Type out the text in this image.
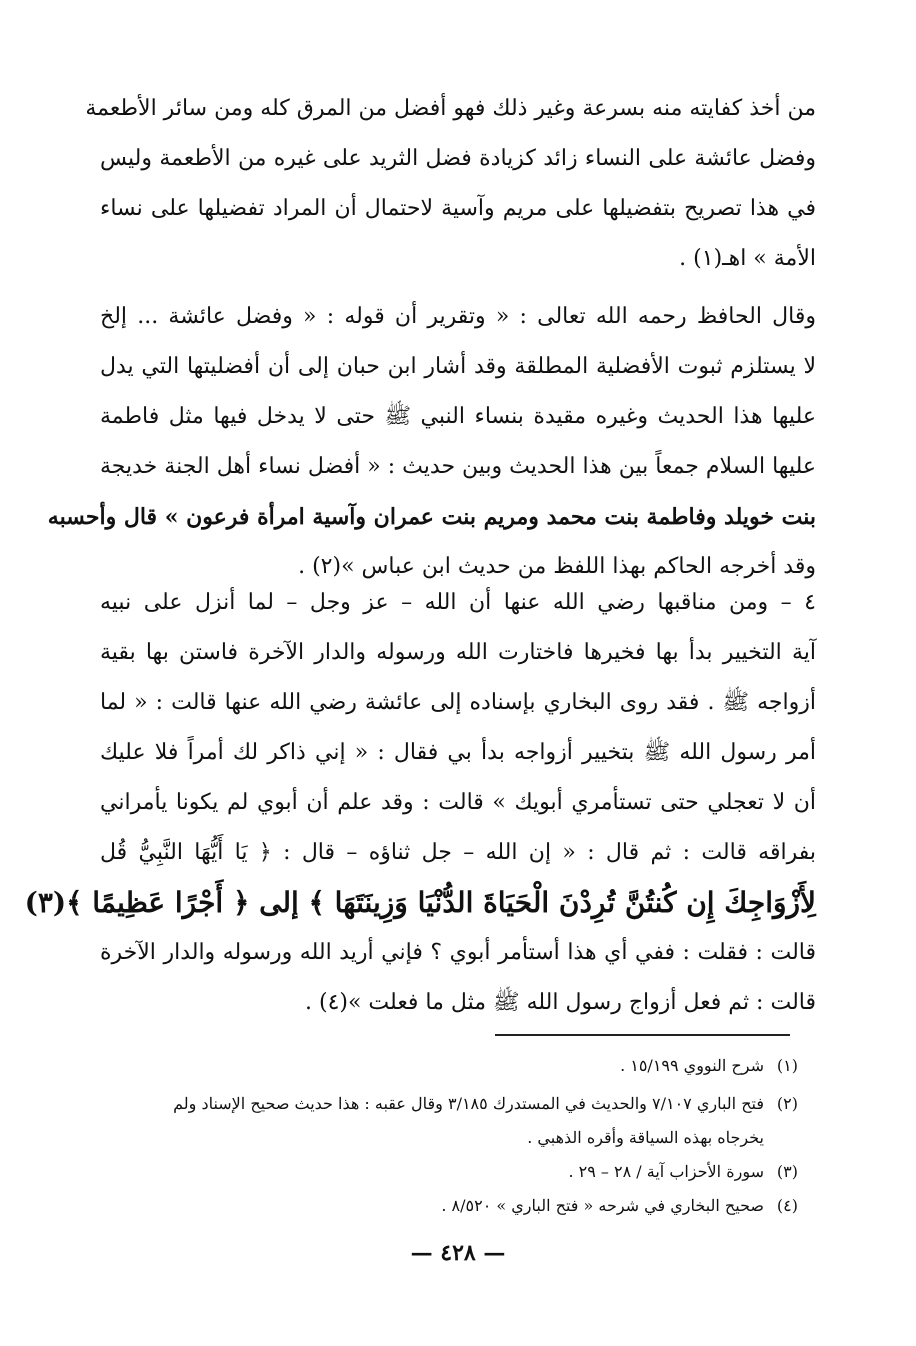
من أخذ كفايته منه بسرعة وغير ذلك فهو أفضل من المرق كله ومن سائر الأطعمة
وفضل عائشة على النساء زائد كزيادة فضل الثريد على غيره من الأطعمة وليس
في هذا تصريح بتفضيلها على مريم وآسية لاحتمال أن المراد تفضيلها على نساء
الأمة » اهـ(١) .
وقال الحافظ رحمه الله تعالى : « وتقرير أن قوله : « وفضل عائشة ... إلخ
لا يستلزم ثبوت الأفضلية المطلقة وقد أشار ابن حبان إلى أن أفضليتها التي يدل
عليها هذا الحديث وغيره مقيدة بنساء النبي ﷺ حتى لا يدخل فيها مثل فاطمة
عليها السلام جمعاً بين هذا الحديث وبين حديث : « أفضل نساء أهل الجنة خديجة
بنت خويلد وفاطمة بنت محمد ومريم بنت عمران وآسية امرأة فرعون » قال وأحسبه
وقد أخرجه الحاكم بهذا اللفظ من حديث ابن عباس »(٢) .
٤ – ومن مناقبها رضي الله عنها أن الله – عز وجل – لما أنزل على نبيه
آية التخيير بدأ بها فخيرها فاختارت الله ورسوله والدار الآخرة فاستن بها بقية
أزواجه ﷺ . فقد روى البخاري بإسناده إلى عائشة رضي الله عنها قالت : « لما
أمر رسول الله ﷺ بتخيير أزواجه بدأ بي فقال : « إني ذاكر لك أمراً فلا عليك
أن لا تعجلي حتى تستأمري أبويك » قالت : وقد علم أن أبوي لم يكونا يأمراني
بفراقه قالت : ثم قال : « إن الله – جل ثناؤه – قال : ﴿ يَا أَيُّهَا النَّبِيُّ قُل
لِأَزْوَاجِكَ إِن كُنتُنَّ تُرِدْنَ الْحَيَاةَ الدُّنْيَا وَزِينَتَهَا ﴾ إلى ﴿ أَجْرًا عَظِيمًا ﴾(٣)
قالت : فقلت : ففي أي هذا أستأمر أبوي ؟ فإني أريد الله ورسوله والدار الآخرة
قالت : ثم فعل أزواج رسول الله ﷺ مثل ما فعلت »(٤) .
(١)شرح النووي ١٥/١٩٩ .
(٢)فتح الباري ٧/١٠٧ والحديث في المستدرك ٣/١٨٥ وقال عقبه : هذا حديث صحيح الإسناد ولم
يخرجاه بهذه السياقة وأقره الذهبي .
(٣)سورة الأحزاب آية / ٢٨ – ٢٩ .
(٤)صحيح البخاري في شرحه « فتح الباري » ٨/٥٢٠ .
— ٤٢٨ —
